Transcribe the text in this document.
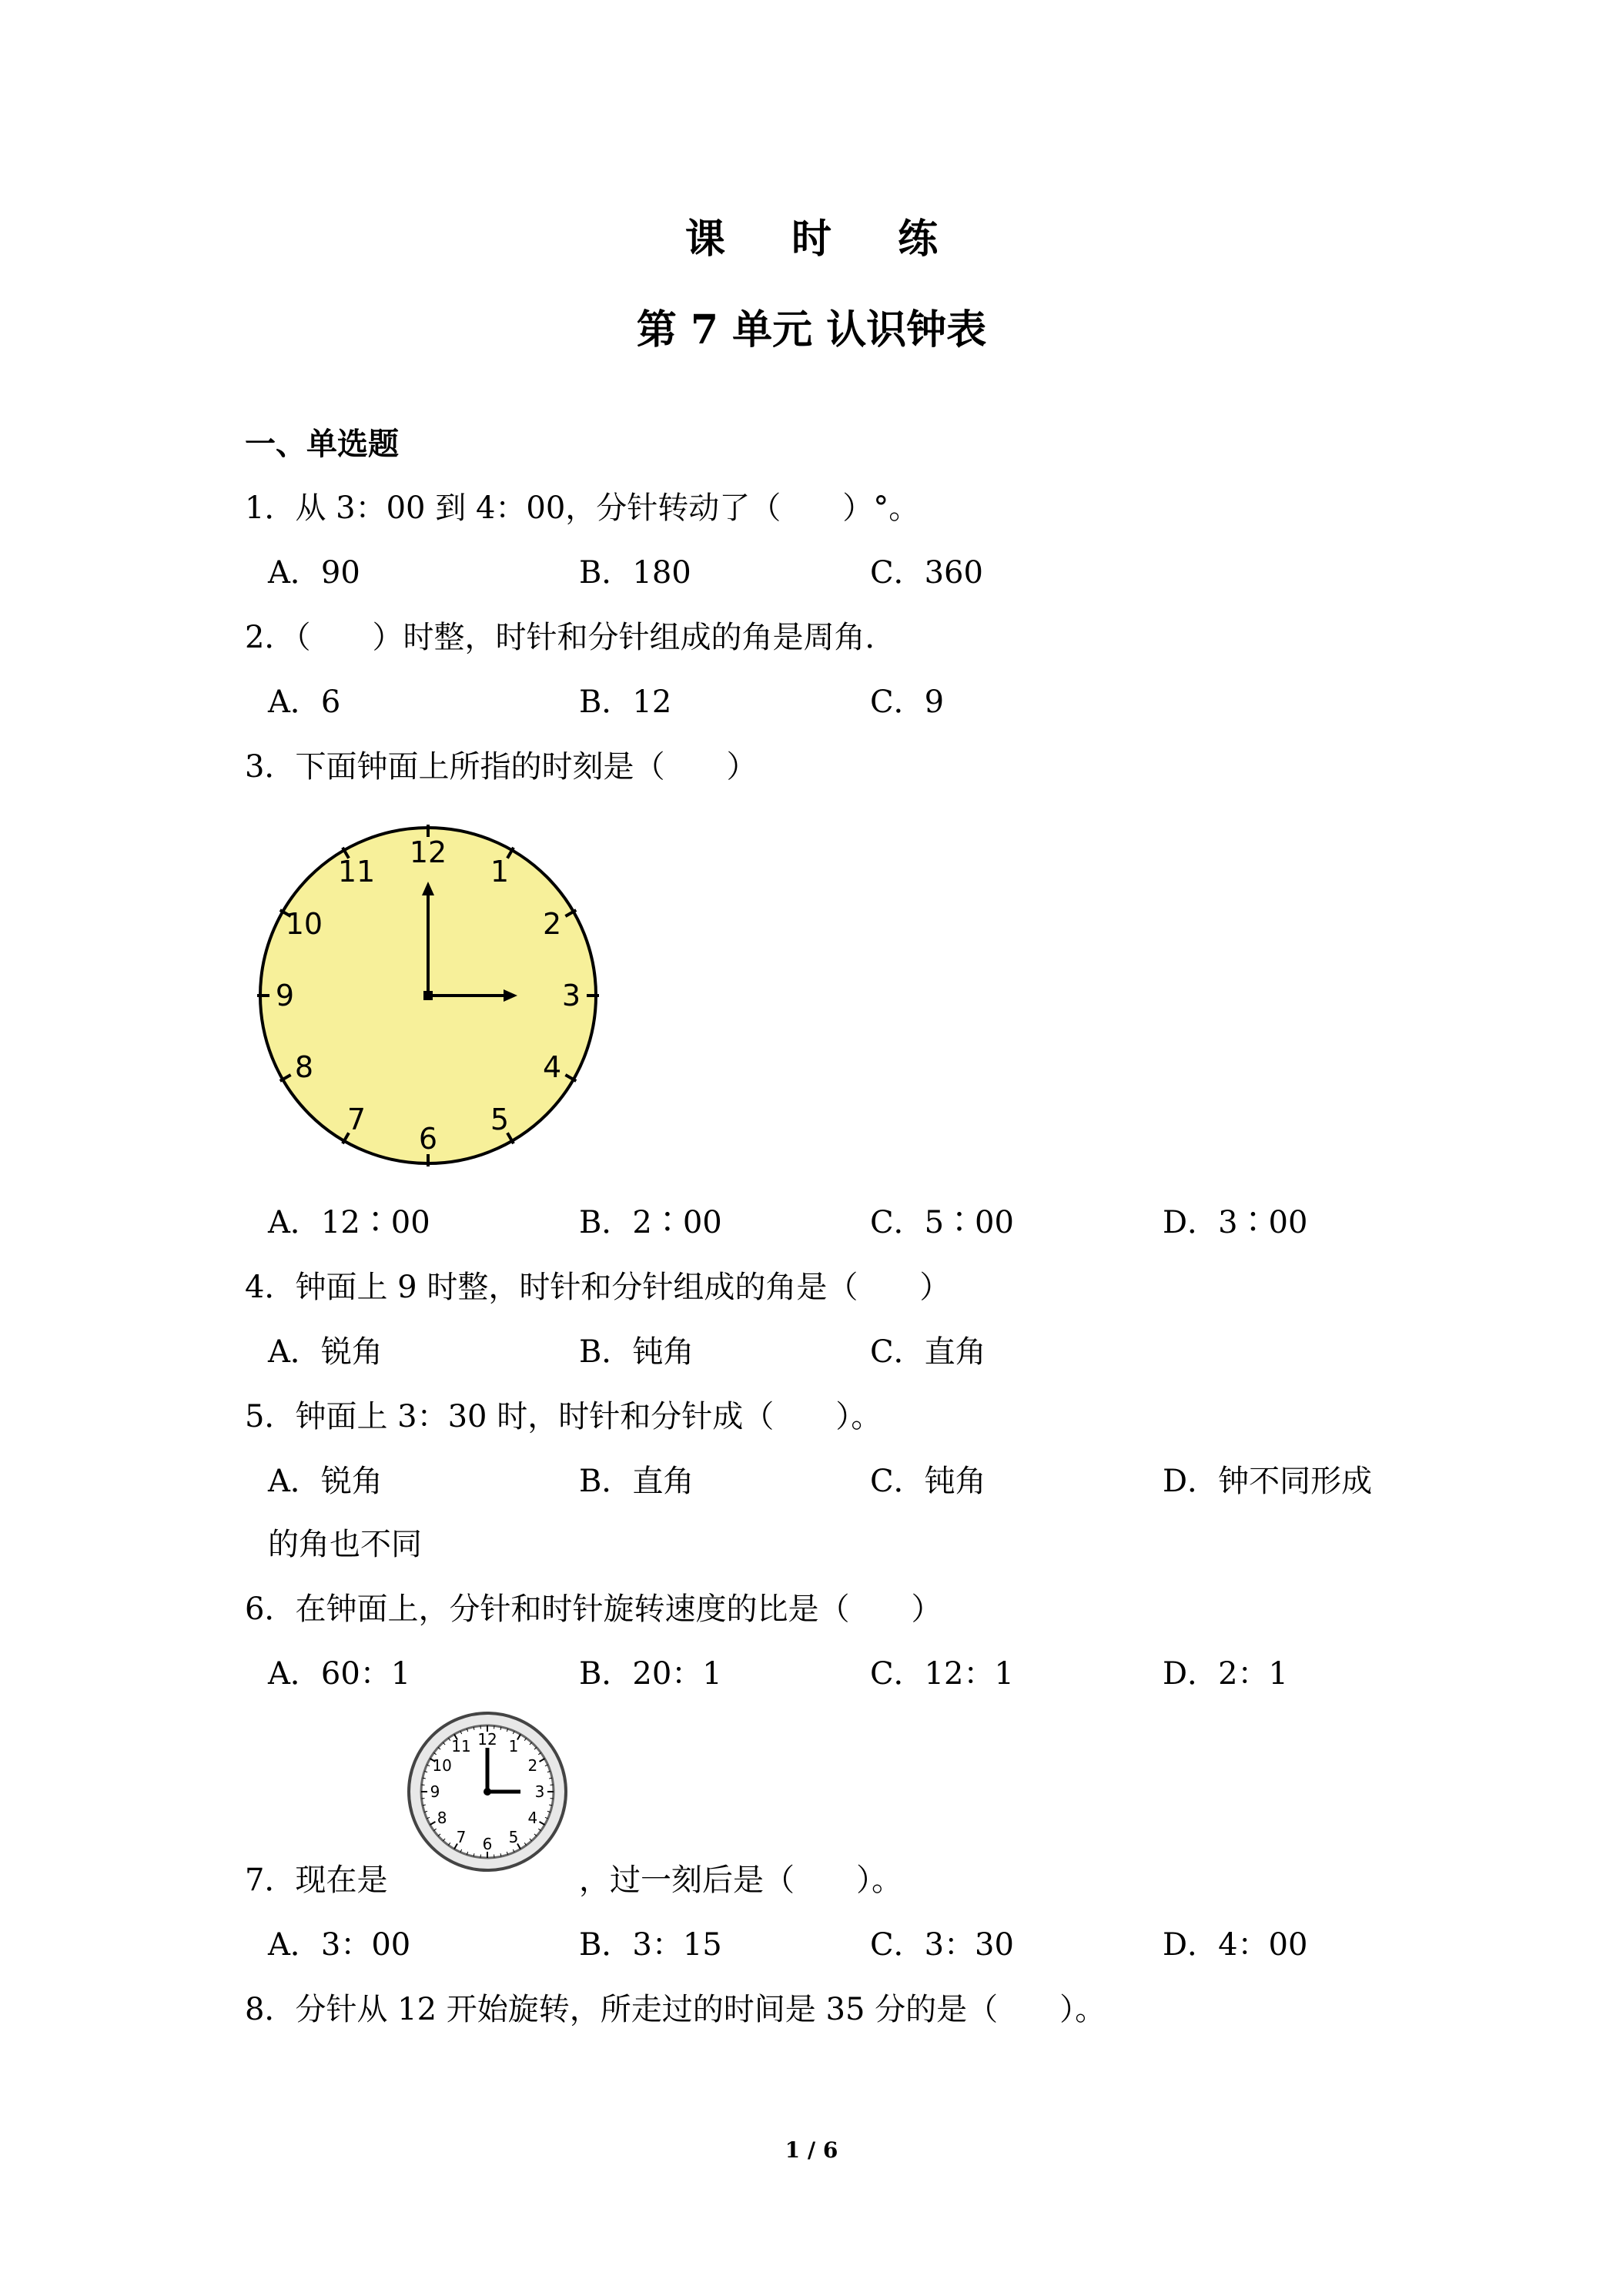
课 时 练
第 7 单元 认识钟表
一、单选题
1．从 3：00 到 4：00，分针转动了（　　）°。
A．90	B．180	C．360
2．（　　）时整，时针和分针组成的角是周角．
A．6	B．12	C．9
3．下面钟面上所指的时刻是（　　）
12
1
2
3
4
5
6
7
8
9
10
11
A．12∶00	B．2∶00	C．5∶00	D．3∶00
4．钟面上 9 时整，时针和分针组成的角是（　　）
A．锐角	B．钝角	C．直角
5．钟面上 3：30 时，时针和分针成（　　）。
A．锐角	B．直角	C．钝角	D．钟不同形成
的角也不同
6．在钟面上，分针和时针旋转速度的比是（　　）
A．60：1	B．20：1	C．12：1	D．2：1
12 1
2
3
4
5
6
7
8
9
10
11
7．现在是	，过一刻后是（　　）。
A．3：00	B．3：15	C．3：30	D．4：00
8．分针从 12 开始旋转，所走过的时间是 35 分的是（　　）。
1 / 6
